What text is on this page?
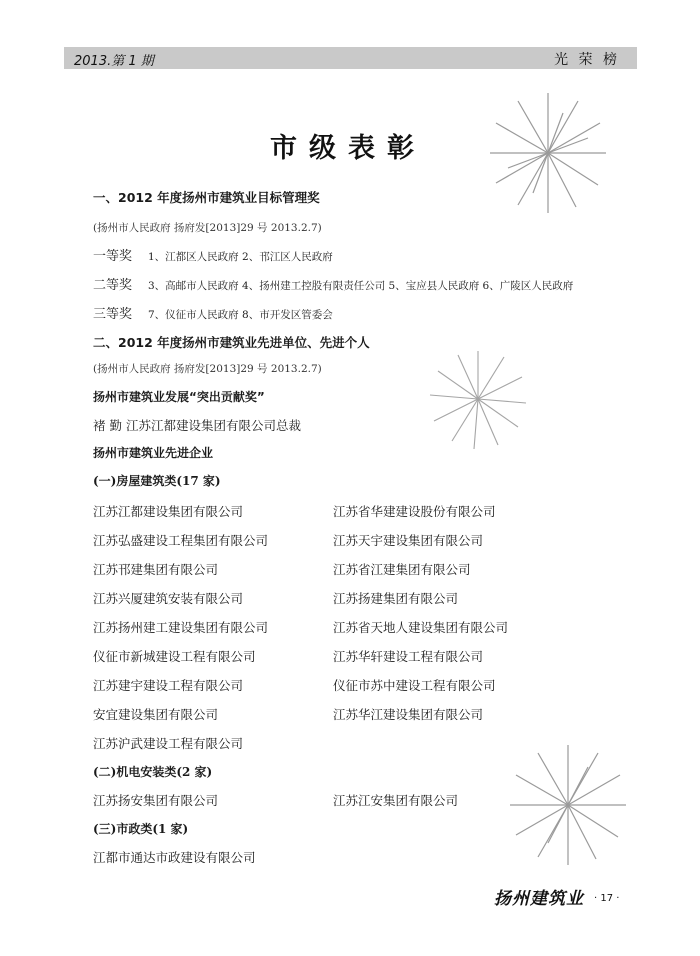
2013.第 1 期	光 荣 榜
市级表彰
一、2012 年度扬州市建筑业目标管理奖
(扬州市人民政府 扬府发[2013]29 号 2013.2.7)
一等奖 1、江都区人民政府 2、邗江区人民政府
二等奖 3、高邮市人民政府 4、扬州建工控股有限责任公司 5、宝应县人民政府 6、广陵区人民政府
三等奖 7、仪征市人民政府 8、市开发区管委会
二、2012 年度扬州市建筑业先进单位、先进个人
(扬州市人民政府 扬府发[2013]29 号 2013.2.7)
扬州市建筑业发展“突出贡献奖”
褚 勤 江苏江都建设集团有限公司总裁
扬州市建筑业先进企业
(一)房屋建筑类(17 家)
江苏江都建设集团有限公司	江苏省华建建设股份有限公司
江苏弘盛建设工程集团有限公司	江苏天宇建设集团有限公司
江苏邗建集团有限公司	江苏省江建集团有限公司
江苏兴厦建筑安装有限公司	江苏扬建集团有限公司
江苏扬州建工建设集团有限公司	江苏省天地人建设集团有限公司
仪征市新城建设工程有限公司	江苏华轩建设工程有限公司
江苏建宇建设工程有限公司	仪征市苏中建设工程有限公司
安宜建设集团有限公司	江苏华江建设集团有限公司
江苏沪武建设工程有限公司
(二)机电安装类(2 家)
江苏扬安集团有限公司	江苏江安集团有限公司
(三)市政类(1 家)
江都市通达市政建设有限公司
扬州建筑业 · 17 ·
